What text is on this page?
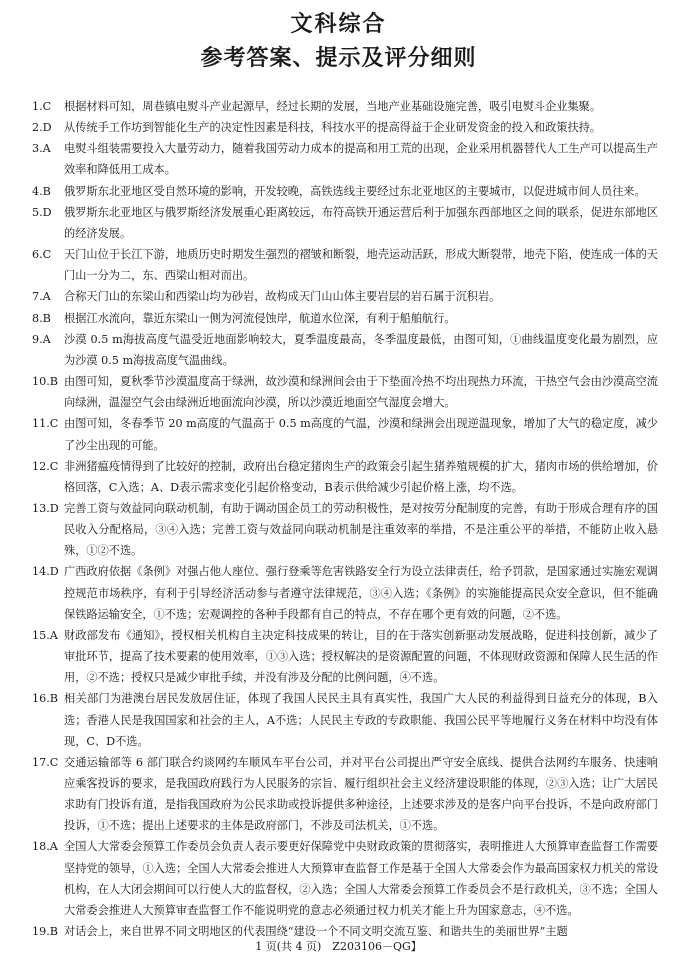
文科综合
参考答案、提示及评分细则
1.C 根据材料可知，周巷镇电熨斗产业起源早，经过长期的发展，当地产业基础设施完善，吸引电熨斗企业集聚。
2.D 从传统手工作坊到智能化生产的决定性因素是科技，科技水平的提高得益于企业研发资金的投入和政策扶持。
3.A 电熨斗组装需要投入大量劳动力，随着我国劳动力成本的提高和用工荒的出现，企业采用机器替代人工生产可以提高生产效率和降低用工成本。
4.B 俄罗斯东北亚地区受自然环境的影响，开发较晚，高铁选线主要经过东北亚地区的主要城市，以促进城市间人员往来。
5.D 俄罗斯东北亚地区与俄罗斯经济发展重心距离较远，布符高铁开通运营后利于加强东西部地区之间的联系，促进东部地区的经济发展。
6.C 天门山位于长江下游，地质历史时期发生强烈的褶皱和断裂，地壳运动活跃，形成大断裂带，地壳下陷，使连成一体的天门山一分为二，东、西梁山相对而出。
7.A 合称天门山的东梁山和西梁山均为砂岩，故构成天门山山体主要岩层的岩石属于沉积岩。
8.B 根据江水流向，靠近东梁山一侧为河流侵蚀岸，航道水位深，有利于船舶航行。
9.A 沙漠 0.5 m海拔高度气温受近地面影响较大，夏季温度最高，冬季温度最低，由图可知，①曲线温度变化最为剧烈，应为沙漠 0.5 m海拔高度气温曲线。
10.B 由图可知，夏秋季节沙漠温度高于绿洲，故沙漠和绿洲间会由于下垫面冷热不均出现热力环流，干热空气会由沙漠高空流向绿洲，温湿空气会由绿洲近地面流向沙漠，所以沙漠近地面空气湿度会增大。
11.C 由图可知，冬春季节 20 m高度的气温高于 0.5 m高度的气温，沙漠和绿洲会出现逆温现象，增加了大气的稳定度，减少了沙尘出现的可能。
12.C 非洲猪瘟疫情得到了比较好的控制，政府出台稳定猪肉生产的政策会引起生猪养殖规模的扩大，猪肉市场的供给增加，价格回落，C入选；A、D表示需求变化引起价格变动，B表示供给减少引起价格上涨，均不选。
13.D 完善工资与效益同向联动机制，有助于调动国企员工的劳动积极性，是对按劳分配制度的完善，有助于形成合理有序的国民收入分配格局，③④入选；完善工资与效益同向联动机制是注重效率的举措，不是注重公平的举措，不能防止收入悬殊，①②不选。
14.D 广西政府依据《条例》对强占他人座位、强行登乘等危害铁路安全行为设立法律责任，给予罚款，是国家通过实施宏观调控规范市场秩序，有利于引导经济活动参与者遵守法律规范，③④入选；《条例》的实施能提高民众安全意识，但不能确保铁路运输安全，①不选；宏观调控的各种手段都有自己的特点，不存在哪个更有效的问题，②不选。
15.A 财政部发布《通知》，授权相关机构自主决定科技成果的转让，目的在于落实创新驱动发展战略，促进科技创新，减少了审批环节，提高了技术要素的使用效率，①③入选；授权解决的是资源配置的问题，不体现财政资源和保障人民生活的作用，②不选；授权只是减少审批手续，并没有涉及分配的比例问题，④不选。
16.B 相关部门为港澳台居民发放居住证，体现了我国人民民主具有真实性，我国广大人民的利益得到日益充分的体现，B入选；香港人民是我国国家和社会的主人，A不选；人民民主专政的专政职能、我国公民平等地履行义务在材料中均没有体现，C、D不选。
17.C 交通运输部等 6 部门联合约谈网约车顺风车平台公司，并对平台公司提出严守安全底线、提供合法网约车服务、快速响应乘客投诉的要求，是我国政府践行为人民服务的宗旨、履行组织社会主义经济建设职能的体现，②③入选；让广大居民求助有门投诉有道，是指我国政府为公民求助或投诉提供多种途径，上述要求涉及的是客户向平台投诉，不是向政府部门投诉，①不选；提出上述要求的主体是政府部门，不涉及司法机关，①不选。
18.A 全国人大常委会预算工作委员会负责人表示要更好保障党中央财政政策的贯彻落实，表明推进人大预算审查监督工作需要坚持党的领导，①入选；全国人大常委会推进人大预算审查监督工作是基于全国人大常委会作为最高国家权力机关的常设机构，在人大闭会期间可以行使人大的监督权，②入选；全国人大常委会预算工作委员会不是行政机关，③不选；全国人大常委会推进人大预算审查监督工作不能说明党的意志必须通过权力机关才能上升为国家意志，④不选。
19.B 对话会上，来自世界不同文明地区的代表围绕“建设一个不同文明交流互鉴、和谐共生的美丽世界”主题
1 页(共 4 页)　Z203106－QG】
